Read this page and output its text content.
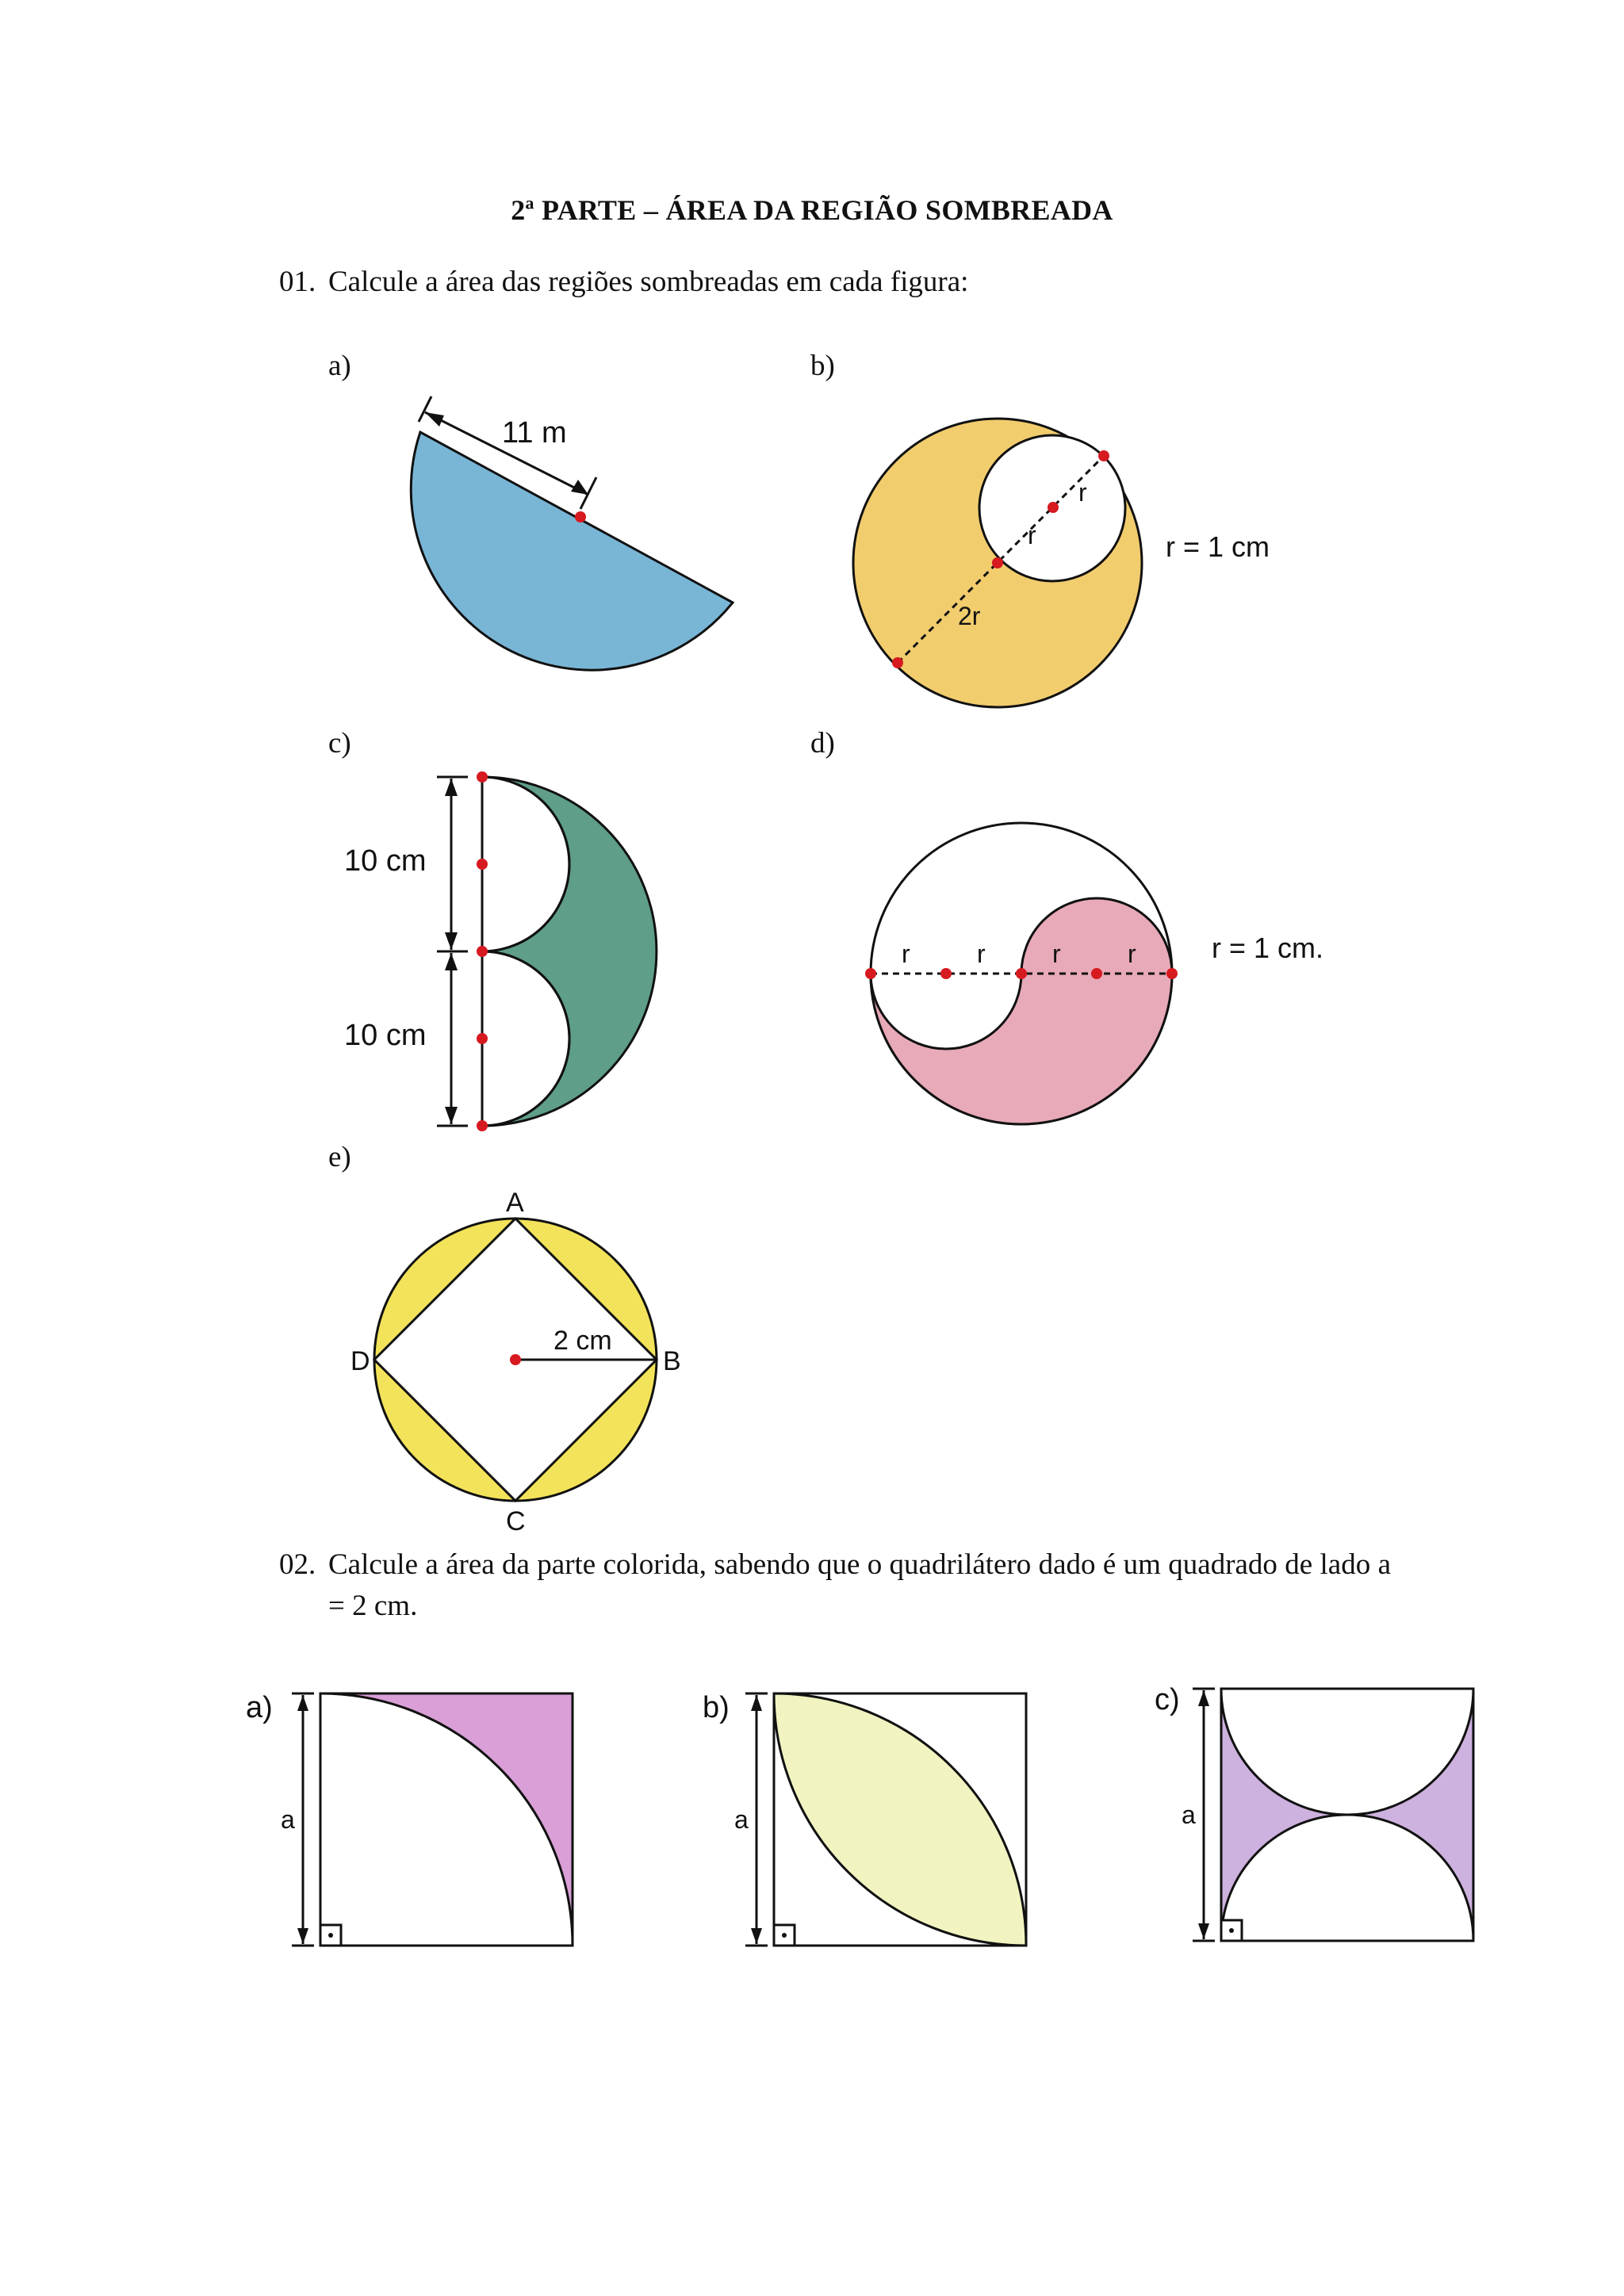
2ª PARTE – ÁREA DA REGIÃO SOMBREADA
01. Calcule a área das regiões sombreadas em cada figura:
a)	b)
c)	d)
e)
11 m
r
r
2r
r = 1 cm
10 cm
10 cm
r	r	r	r	r = 1 cm.
2 cm
A
B
C
D
02. Calcule a área da parte colorida, sabendo que o quadrilátero dado é um quadrado de lado a = 2 cm.
a)
a
b)
a
c)
a
